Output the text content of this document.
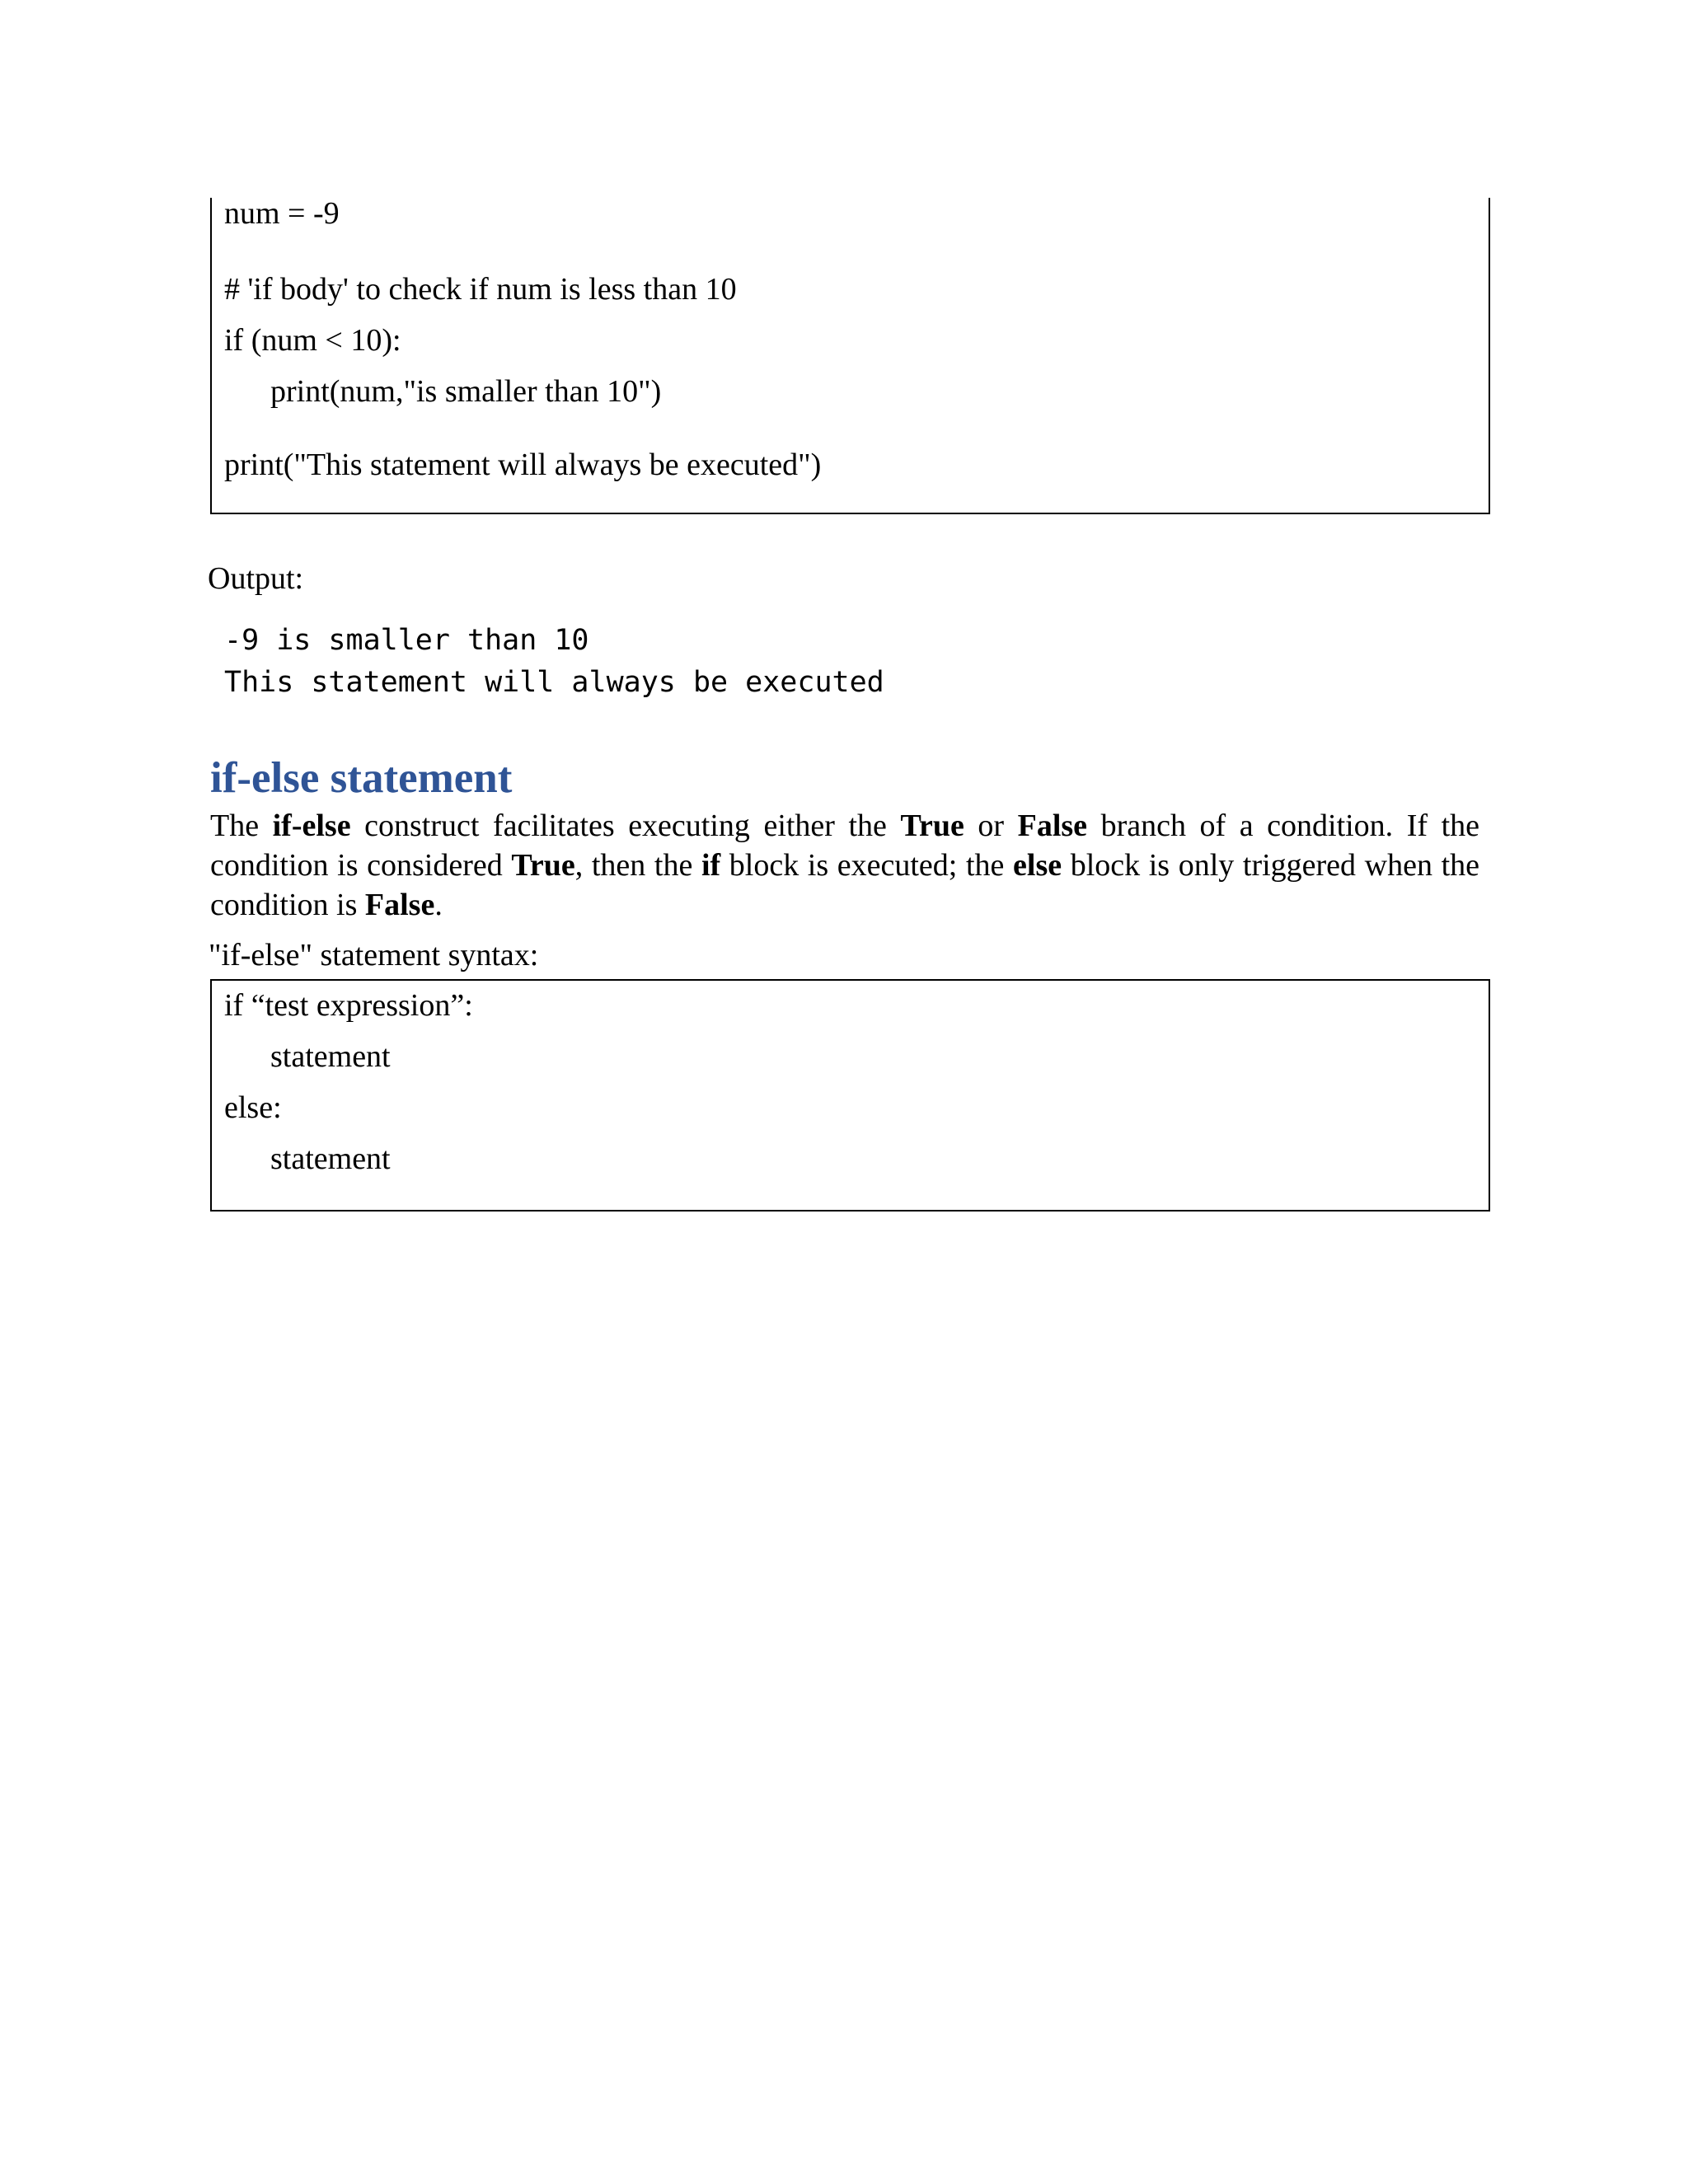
num = -9
# 'if body' to check if num is less than 10
if (num < 10):
print(num,"is smaller than 10")
print("This statement will always be executed")
Output:
-9 is smaller than 10
This statement will always be executed
if-else statement
The if-else construct facilitates executing either the True or False branch of a condition. If the condition is considered True, then the if block is executed; the else block is only triggered when the condition is False.
"if-else" statement syntax:
if “test expression”:
statement
else:
statement
